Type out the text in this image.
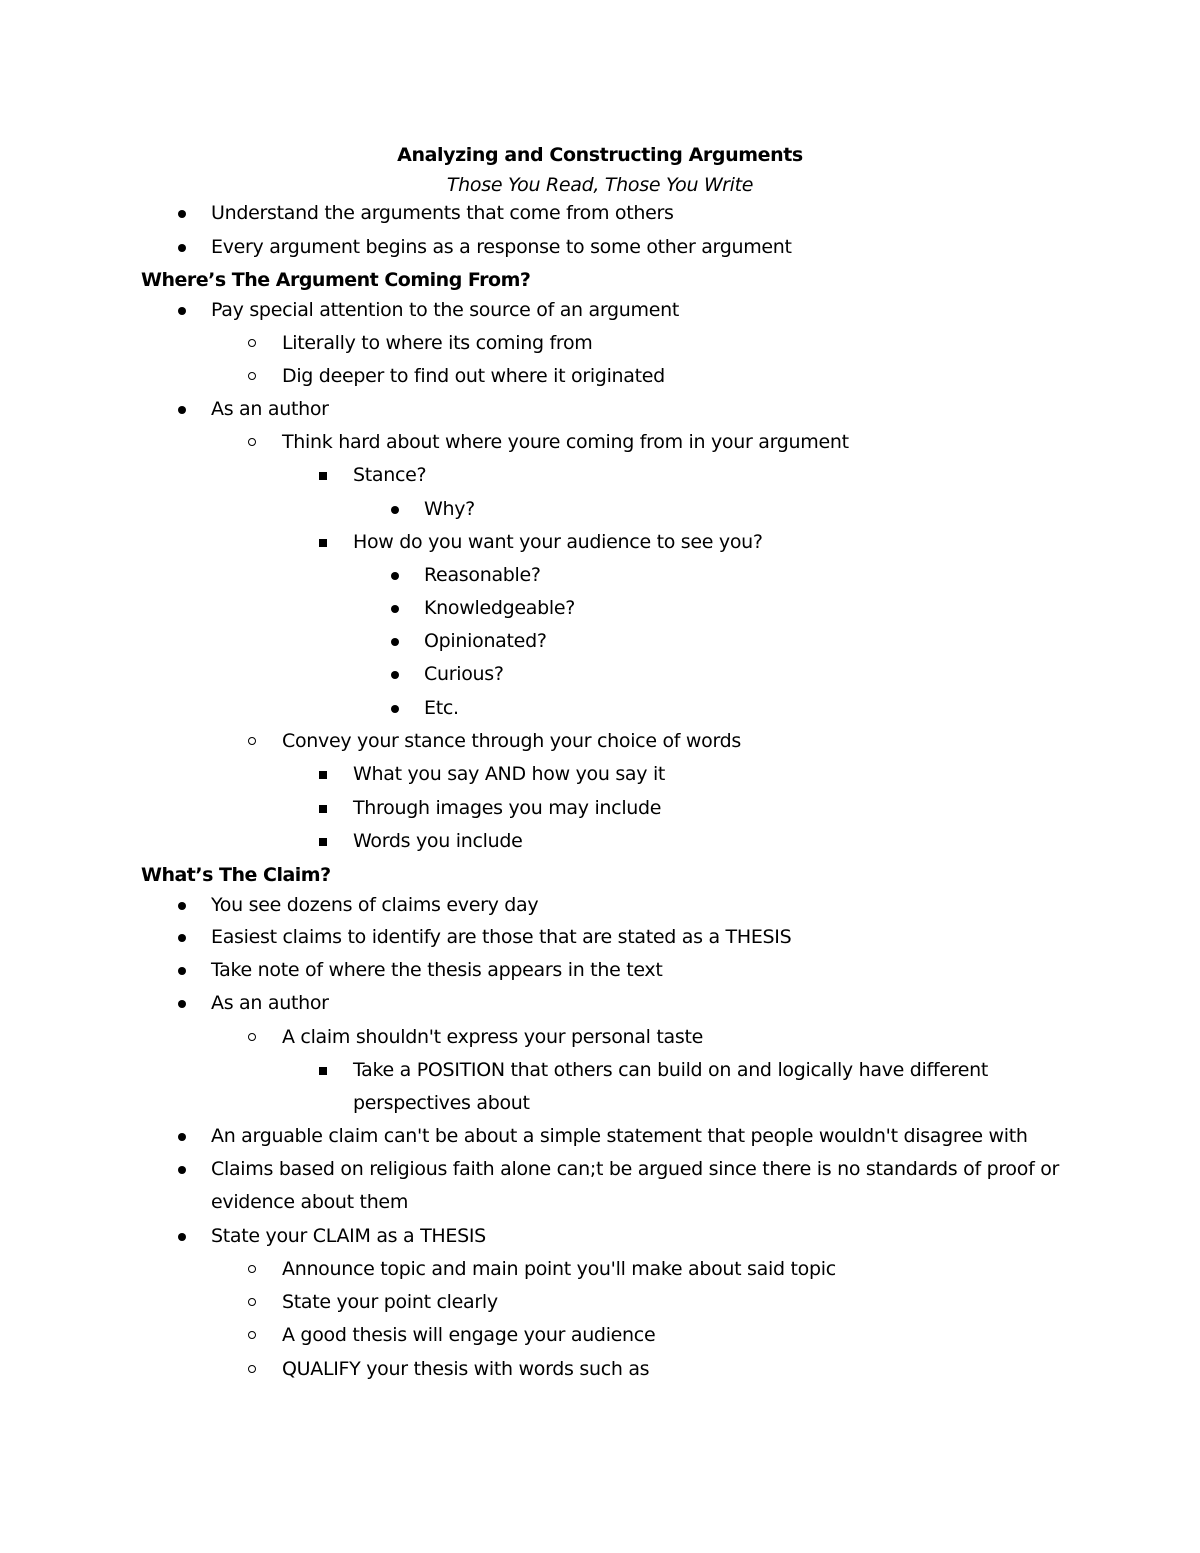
Analyzing and Constructing Arguments
Those You Read, Those You Write
Understand the arguments that come from others
Every argument begins as a response to some other argument
Where’s The Argument Coming From?
Pay special attention to the source of an argument
Literally to where its coming from
Dig deeper to find out where it originated
As an author
Think hard about where youre coming from in your argument
Stance?
Why?
How do you want your audience to see you?
Reasonable?
Knowledgeable?
Opinionated?
Curious?
Etc.
Convey your stance through your choice of words
What you say AND how you say it
Through images you may include
Words you include
What’s The Claim?
You see dozens of claims every day
Easiest claims to identify are those that are stated as a THESIS
Take note of where the thesis appears in the text
As an author
A claim shouldn't express your personal taste
Take a POSITION that others can build on and logically have different
perspectives about
An arguable claim can't be about a simple statement that people wouldn't disagree with
Claims based on religious faith alone can;t be argued since there is no standards of proof or
evidence about them
State your CLAIM as a THESIS
Announce topic and main point you'll make about said topic
State your point clearly
A good thesis will engage your audience
QUALIFY your thesis with words such as
